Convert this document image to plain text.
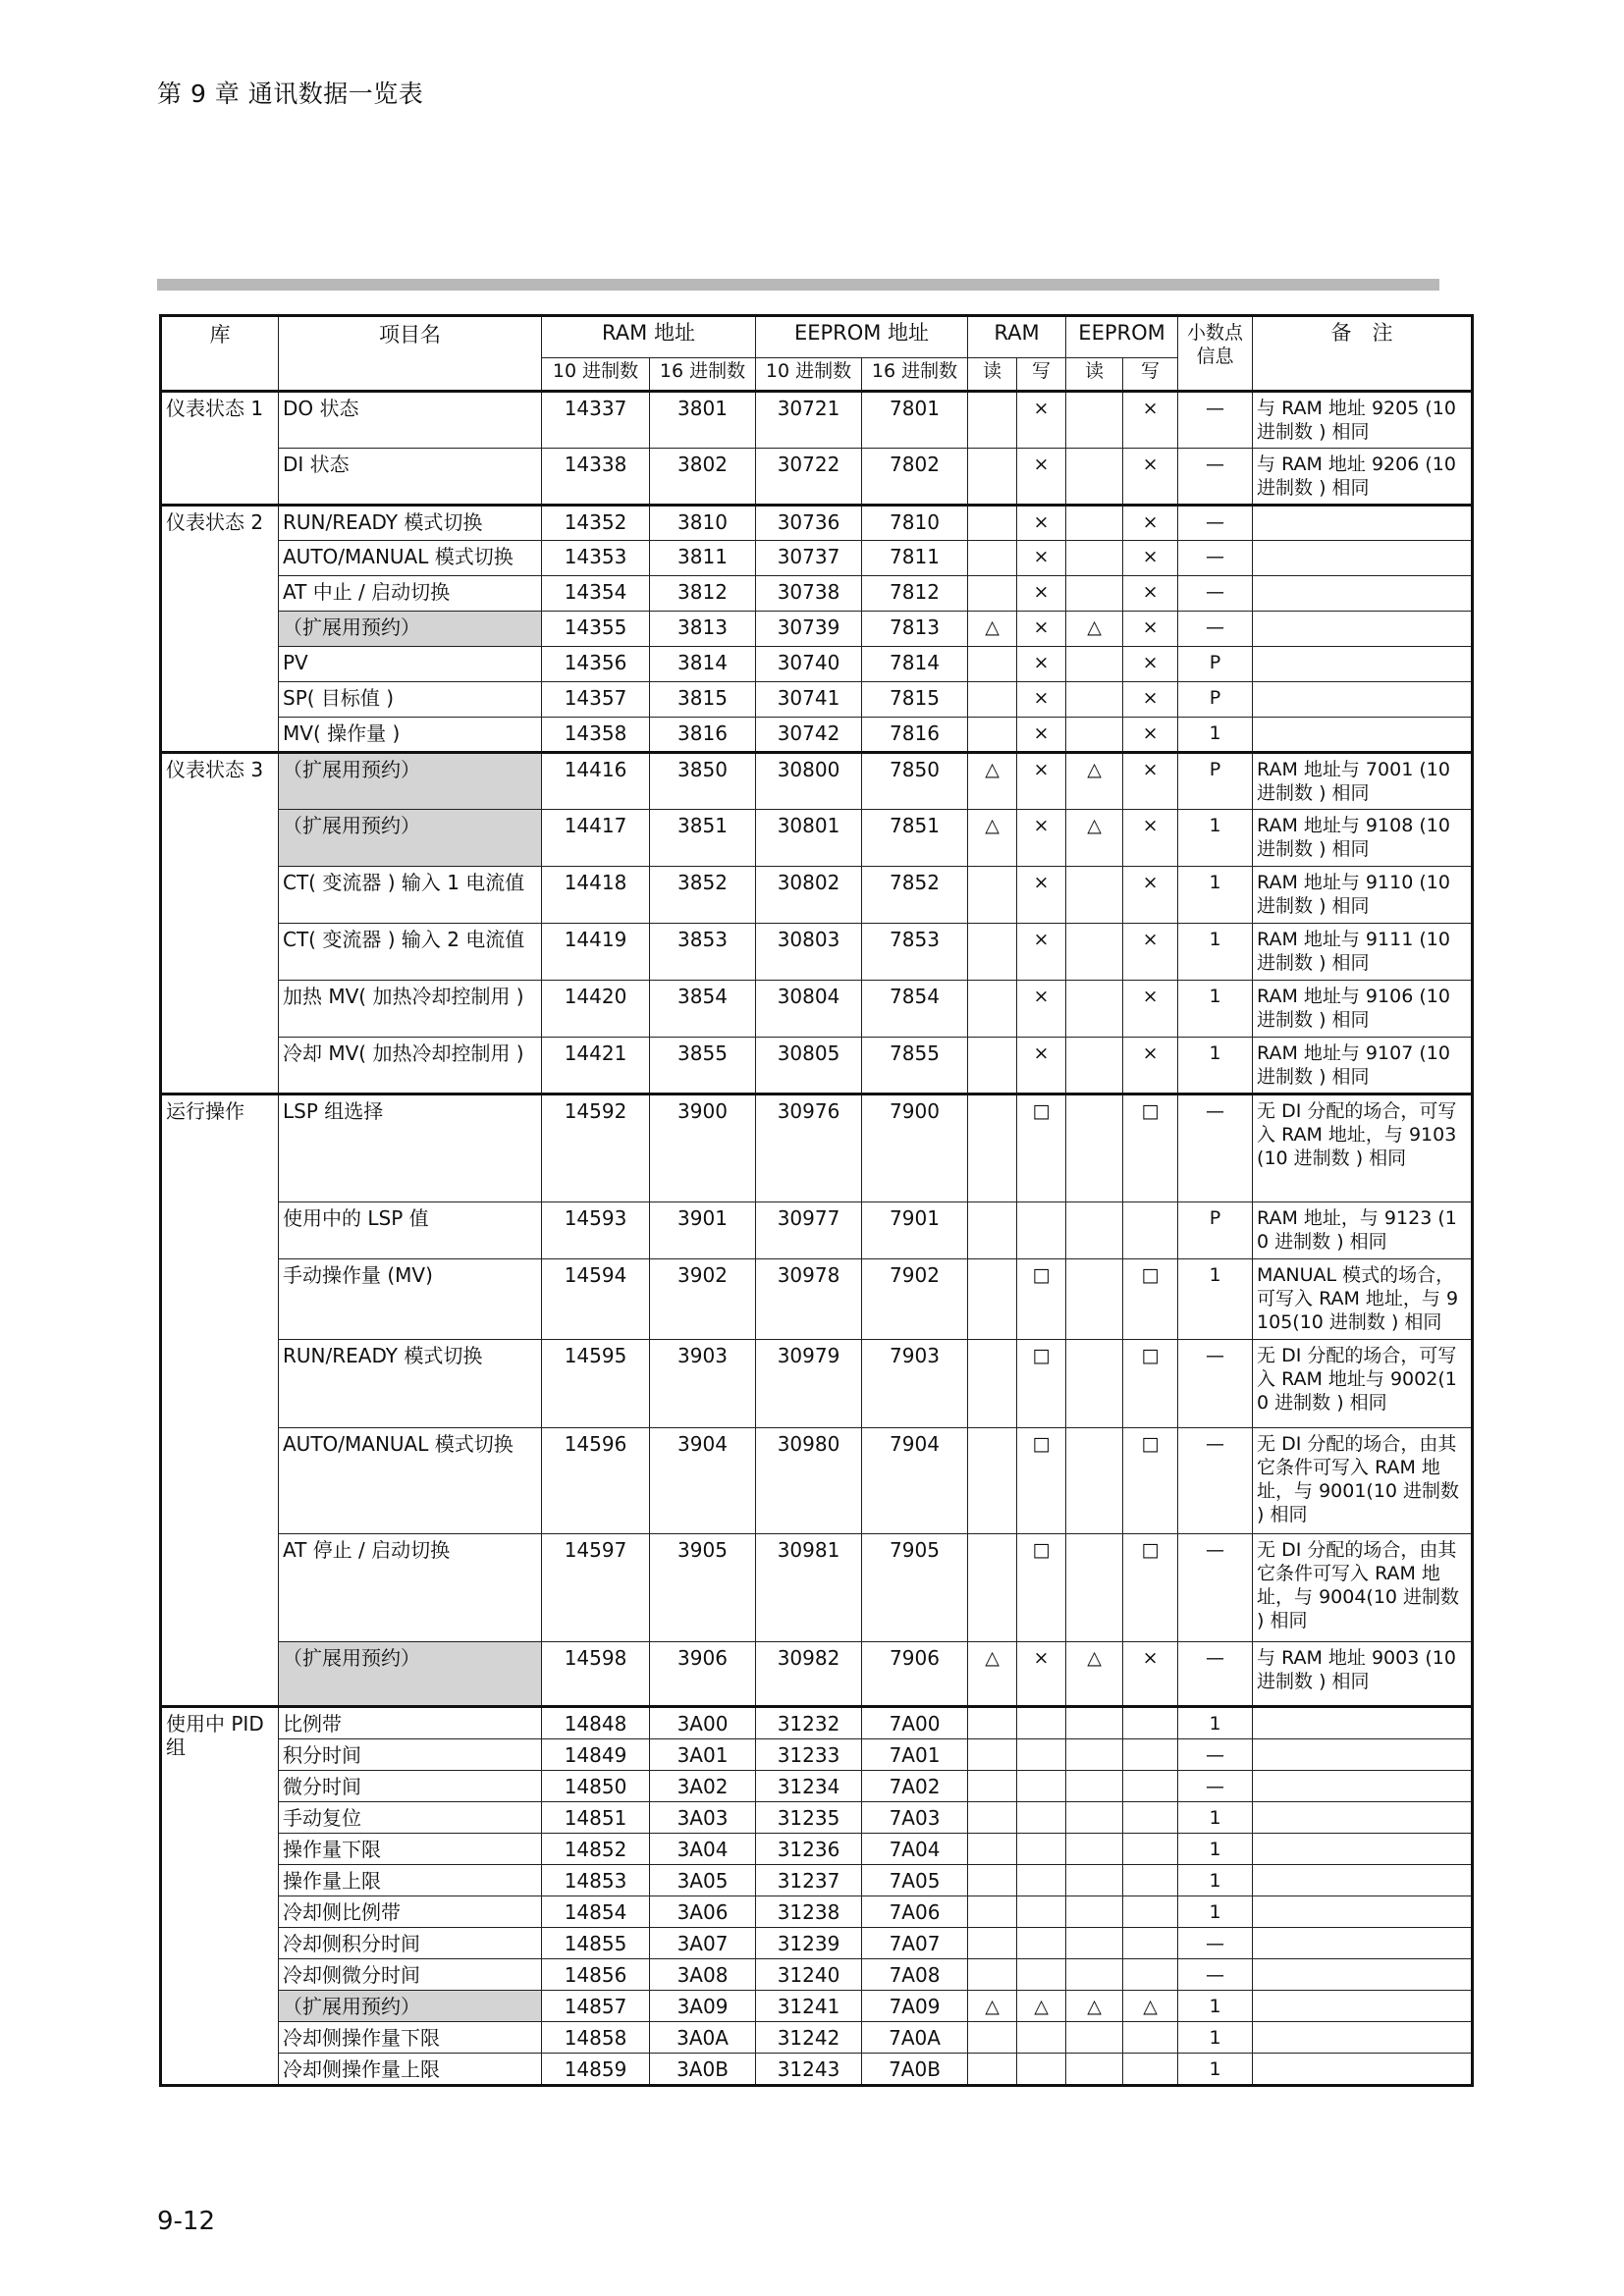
第 9 章 通讯数据一览表
库	项目名	RAM 地址		EEPROM 地址		RAM		EEPROM		小数点信息	备　注
		10 进制数	16 进制数	10 进制数	16 进制数	读	写	读	写		
仪表状态 1	DO 状态	14337	3801	30721	7801		×		×	—	与 RAM 地址 9205 (10 进制数 ) 相同
	DI 状态	14338	3802	30722	7802		×		×	—	与 RAM 地址 9206 (10 进制数 ) 相同
仪表状态 2	RUN/READY 模式切换	14352	3810	30736	7810		×		×	—	
	AUTO/MANUAL 模式切换	14353	3811	30737	7811		×		×	—	
	AT 中止 / 启动切换	14354	3812	30738	7812		×		×	—	
	（扩展用预约）	14355	3813	30739	7813	△	×	△	×	—	
	PV	14356	3814	30740	7814		×		×	P	
	SP( 目标值 )	14357	3815	30741	7815		×		×	P	
	MV( 操作量 )	14358	3816	30742	7816		×		×	1	
仪表状态 3	（扩展用预约）	14416	3850	30800	7850	△	×	△	×	P	RAM 地址与 7001 (10 进制数 ) 相同
	（扩展用预约）	14417	3851	30801	7851	△	×	△	×	1	RAM 地址与 9108 (10 进制数 ) 相同
	CT( 变流器 ) 输入 1 电流值	14418	3852	30802	7852		×		×	1	RAM 地址与 9110 (10 进制数 ) 相同
	CT( 变流器 ) 输入 2 电流值	14419	3853	30803	7853		×		×	1	RAM 地址与 9111 (10 进制数 ) 相同
	加热 MV( 加热冷却控制用 )	14420	3854	30804	7854		×		×	1	RAM 地址与 9106 (10 进制数 ) 相同
	冷却 MV( 加热冷却控制用 )	14421	3855	30805	7855		×		×	1	RAM 地址与 9107 (10 进制数 ) 相同
运行操作	LSP 组选择	14592	3900	30976	7900		□		□	—	无 DI 分配的场合，可写入 RAM 地址，与 9103(10 进制数 ) 相同
	使用中的 LSP 值	14593	3901	30977	7901					P	RAM 地址，与 9123 (10 进制数 ) 相同
	手动操作量 (MV)	14594	3902	30978	7902		□		□	1	MANUAL 模式的场合，可写入 RAM 地址，与 9105(10 进制数 ) 相同
	RUN/READY 模式切换	14595	3903	30979	7903		□		□	—	无 DI 分配的场合，可写入 RAM 地址与 9002(10 进制数 ) 相同
	AUTO/MANUAL 模式切换	14596	3904	30980	7904		□		□	—	无 DI 分配的场合，由其它条件可写入 RAM 地址，与 9001(10 进制数 ) 相同
	AT 停止 / 启动切换	14597	3905	30981	7905		□		□	—	无 DI 分配的场合，由其它条件可写入 RAM 地址，与 9004(10 进制数 ) 相同
	（扩展用预约）	14598	3906	30982	7906	△	×	△	×	—	与 RAM 地址 9003 (10 进制数 ) 相同
使用中 PID 组	比例带	14848	3A00	31232	7A00					1	
	积分时间	14849	3A01	31233	7A01					—	
	微分时间	14850	3A02	31234	7A02					—	
	手动复位	14851	3A03	31235	7A03					1	
	操作量下限	14852	3A04	31236	7A04					1	
	操作量上限	14853	3A05	31237	7A05					1	
	冷却侧比例带	14854	3A06	31238	7A06					1	
	冷却侧积分时间	14855	3A07	31239	7A07					—	
	冷却侧微分时间	14856	3A08	31240	7A08					—	
	（扩展用预约）	14857	3A09	31241	7A09	△	△	△	△	1	
	冷却侧操作量下限	14858	3A0A	31242	7A0A					1	
	冷却侧操作量上限	14859	3A0B	31243	7A0B					1	
9-12
